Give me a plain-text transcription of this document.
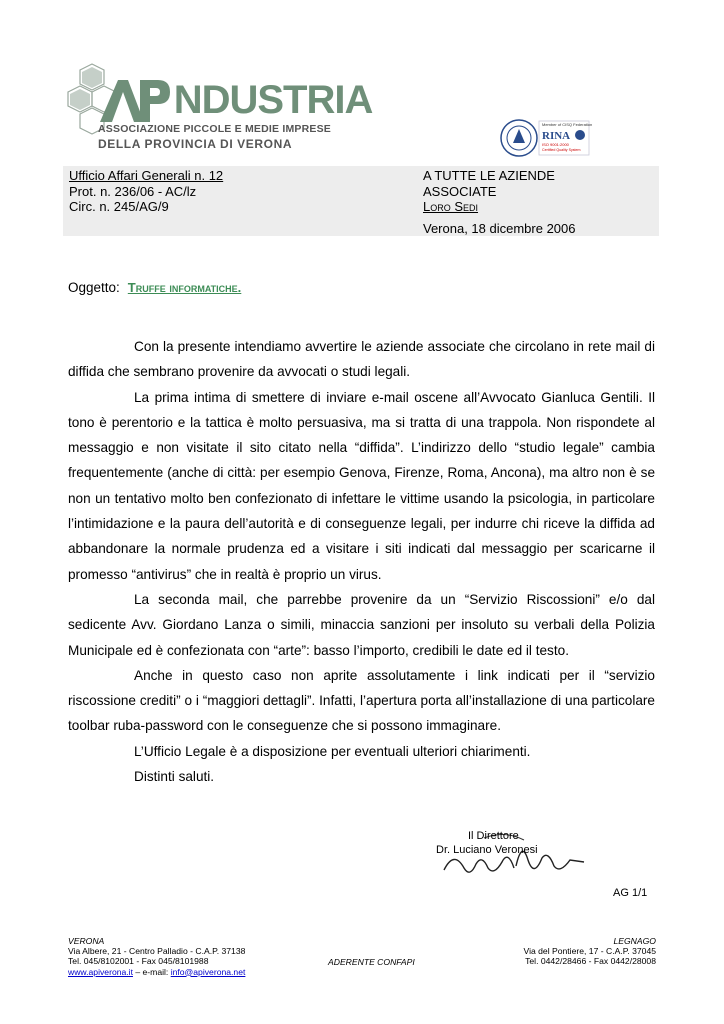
NDUSTRIA
ASSOCIAZIONE PICCOLE E MEDIE IMPRESE
DELLA PROVINCIA DI VERONA
Member of CISQ Federation
RINA
ISO 9001:2000
Certified Quality System
Ufficio Affari Generali n. 12
Prot. n. 236/06 - AC/lz
Circ. n. 245/AG/9
A TUTTE LE AZIENDE
ASSOCIATE
Loro Sedi
Verona, 18 dicembre 2006
Oggetto: Truffe informatiche.

Con la presente intendiamo avvertire le aziende associate che circolano in rete mail di diffida che sembrano provenire da avvocati o studi legali.

La prima intima di smettere di inviare e-mail oscene all’Avvocato Gianluca Gentili. Il tono è perentorio e la tattica è molto persuasiva, ma si tratta di una trappola. Non rispondete al messaggio e non visitate il sito citato nella “diffida”. L’indirizzo dello “studio legale” cambia frequentemente (anche di città: per esempio Genova, Firenze, Roma, Ancona), ma altro non è se non un tentativo molto ben confezionato di infettare le vittime usando la psicologia, in particolare l’intimidazione e la paura dell’autorità e di conseguenze legali, per indurre chi riceve la diffida ad abbandonare la normale prudenza ed a visitare i siti indicati dal messaggio per scaricarne il promesso “antivirus” che in realtà è proprio un virus.

La seconda mail, che parrebbe provenire da un “Servizio Riscossioni” e/o dal sedicente Avv. Giordano Lanza o simili, minaccia sanzioni per insoluto su verbali della Polizia Municipale ed è confezionata con “arte”: basso l’importo, credibili le date ed il testo.

Anche in questo caso non aprite assolutamente i link indicati per il “servizio riscossione crediti” o i “maggiori dettagli”. Infatti, l’apertura porta all’installazione di una particolare toolbar ruba-password con le conseguenze che si possono immaginare.

L’Ufficio Legale è a disposizione per eventuali ulteriori chiarimenti.

Distinti saluti.

Il Direttore
Dr. Luciano Veronesi
AG 1/1
VERONA
Via Albere, 21 - Centro Palladio - C.A.P. 37138
Tel. 045/8102001 - Fax 045/8101988
www.apiverona.it – e-mail: info@apiverona.net
ADERENTE CONFAPI
LEGNAGO
Via del Pontiere, 17 - C.A.P. 37045
Tel. 0442/28466 - Fax 0442/28008
